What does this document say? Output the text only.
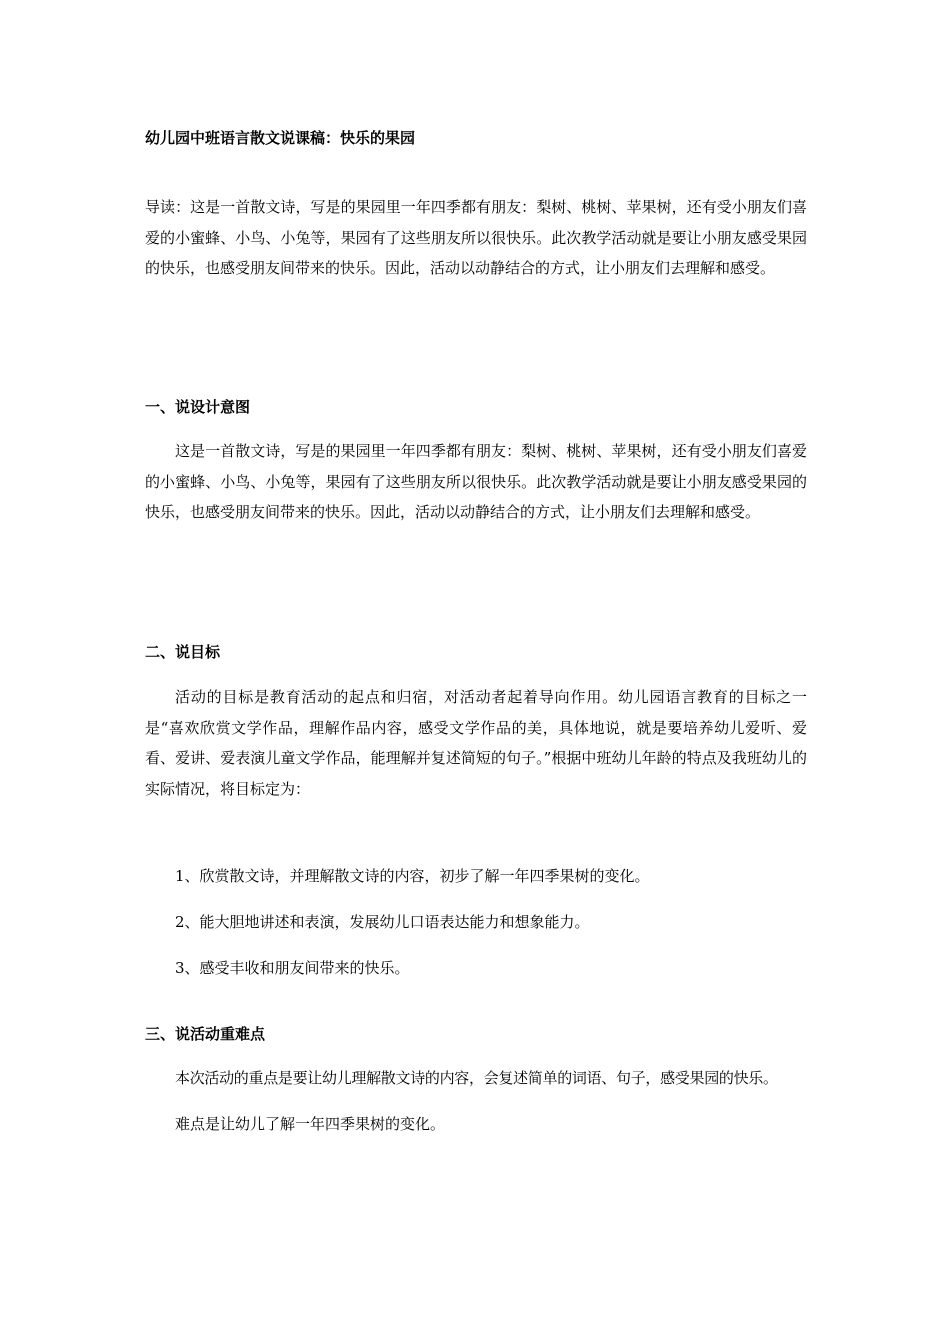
幼儿园中班语言散文说课稿：快乐的果园
导读：这是一首散文诗，写是的果园里一年四季都有朋友：梨树、桃树、苹果树，还有受小朋友们喜爱的小蜜蜂、小鸟、小兔等，果园有了这些朋友所以很快乐。此次教学活动就是要让小朋友感受果园的快乐，也感受朋友间带来的快乐。因此，活动以动静结合的方式，让小朋友们去理解和感受。
一、说设计意图
这是一首散文诗，写是的果园里一年四季都有朋友：梨树、桃树、苹果树，还有受小朋友们喜爱的小蜜蜂、小鸟、小兔等，果园有了这些朋友所以很快乐。此次教学活动就是要让小朋友感受果园的快乐，也感受朋友间带来的快乐。因此，活动以动静结合的方式，让小朋友们去理解和感受。
二、说目标
活动的目标是教育活动的起点和归宿，对活动者起着导向作用。幼儿园语言教育的目标之一是“喜欢欣赏文学作品，理解作品内容，感受文学作品的美，具体地说，就是要培养幼儿爱听、爱看、爱讲、爱表演儿童文学作品，能理解并复述简短的句子。”根据中班幼儿年龄的特点及我班幼儿的实际情况，将目标定为：
1、欣赏散文诗，并理解散文诗的内容，初步了解一年四季果树的变化。
2、能大胆地讲述和表演，发展幼儿口语表达能力和想象能力。
3、感受丰收和朋友间带来的快乐。
三、说活动重难点
本次活动的重点是要让幼儿理解散文诗的内容，会复述简单的词语、句子，感受果园的快乐。
难点是让幼儿了解一年四季果树的变化。
